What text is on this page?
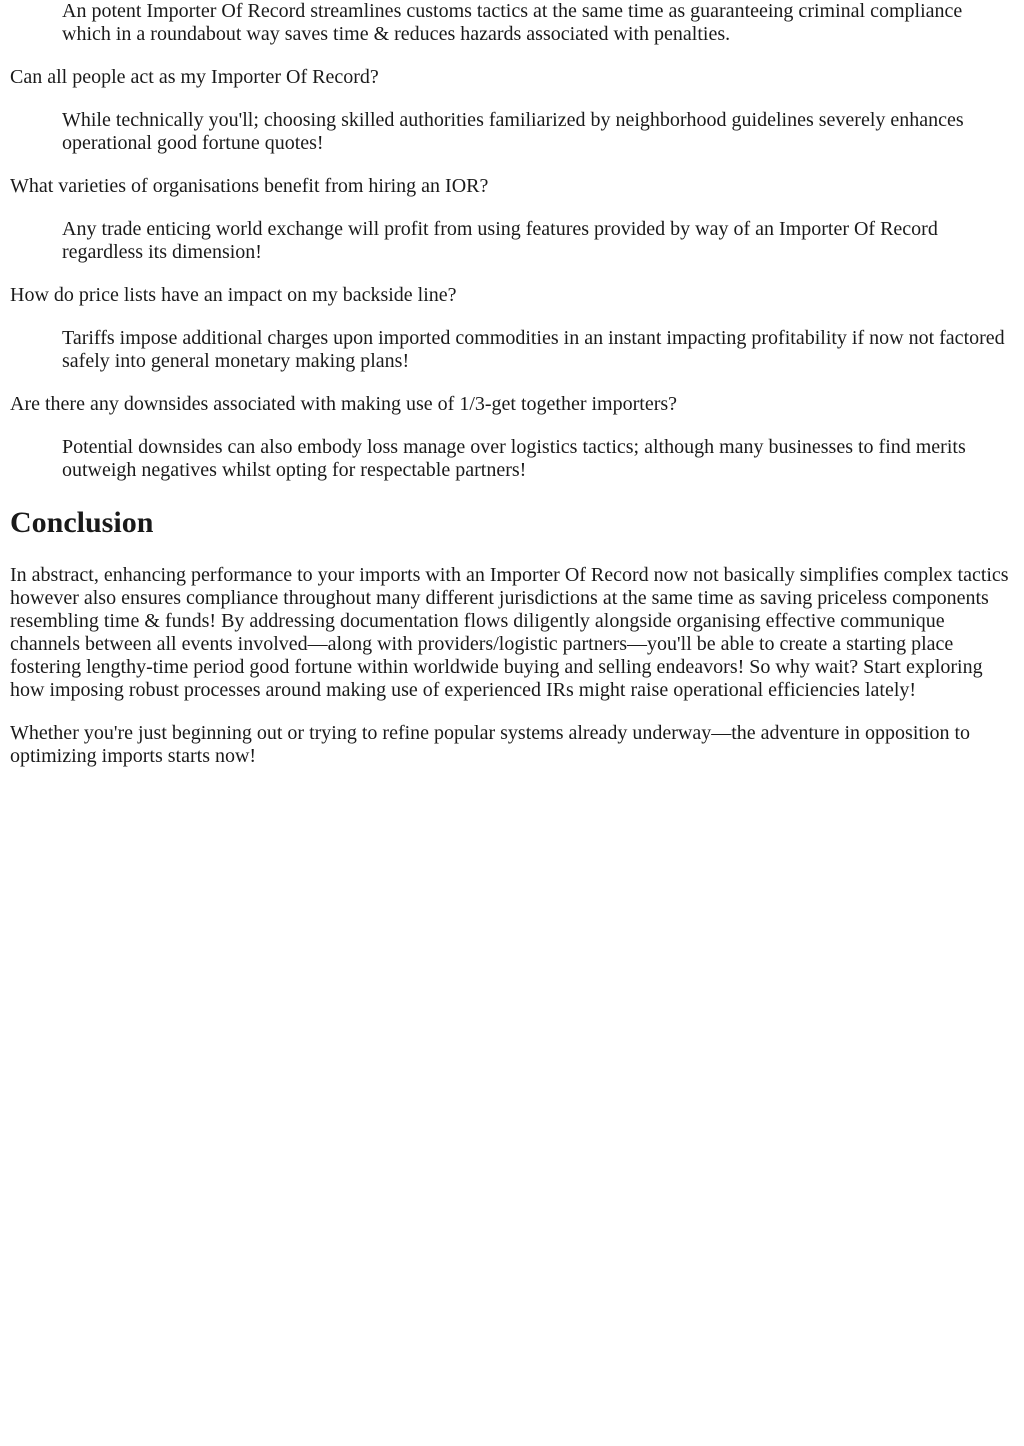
An potent Importer Of Record streamlines customs tactics at the same time as guaranteeing criminal compliance which in a roundabout way saves time & reduces hazards associated with penalties.
Can all people act as my Importer Of Record?
While technically you'll; choosing skilled authorities familiarized by neighborhood guidelines severely enhances operational good fortune quotes!
What varieties of organisations benefit from hiring an IOR?
Any trade enticing world exchange will profit from using features provided by way of an Importer Of Record regardless its dimension!
How do price lists have an impact on my backside line?
Tariffs impose additional charges upon imported commodities in an instant impacting profitability if now not factored safely into general monetary making plans!
Are there any downsides associated with making use of 1/3-get together importers?
Potential downsides can also embody loss manage over logistics tactics; although many businesses to find merits outweigh negatives whilst opting for respectable partners!
Conclusion

In abstract, enhancing performance to your imports with an Importer Of Record now not basically simplifies complex tactics however also ensures compliance throughout many different jurisdictions at the same time as saving priceless components resembling time & funds! By addressing documentation flows diligently alongside organising effective communique channels between all events involved—along with providers/logistic partners—you'll be able to create a starting place fostering lengthy-time period good fortune within worldwide buying and selling endeavors! So why wait? Start exploring how imposing robust processes around making use of experienced IRs might raise operational efficiencies lately!

Whether you're just beginning out or trying to refine popular systems already underway—the adventure in opposition to optimizing imports starts now!
